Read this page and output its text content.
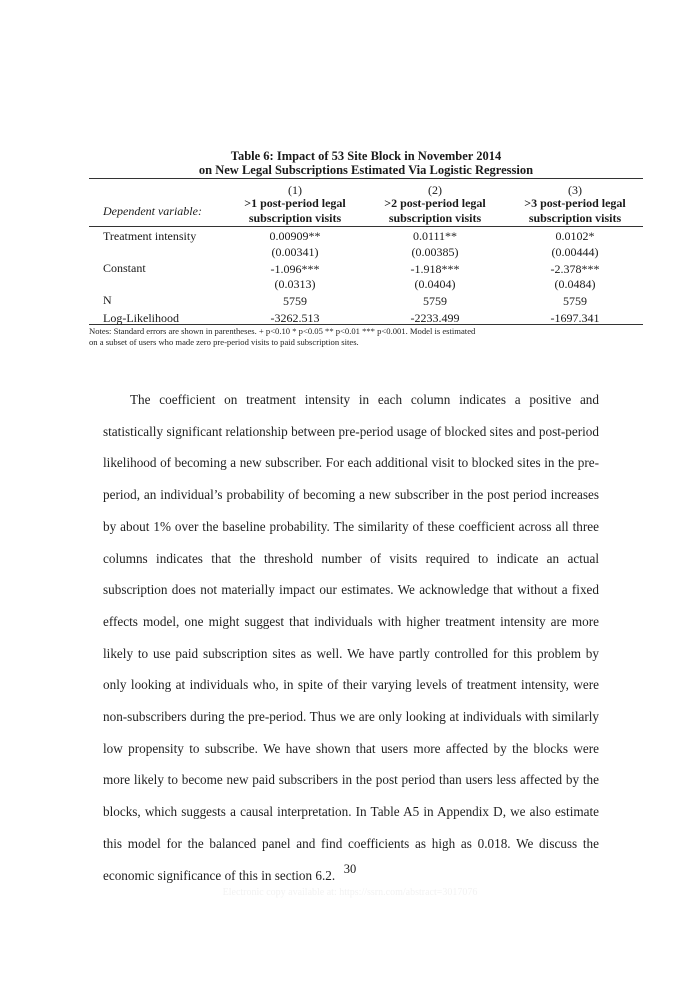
Table 6: Impact of 53 Site Block in November 2014
on New Legal Subscriptions Estimated Via Logistic Regression
(1)	(2)	(3)
Dependent variable:
>1 post-period legal	>2 post-period legal	>3 post-period legal
subscription visits	subscription visits	subscription visits
Treatment intensity	0.00909**	0.0111**	0.0102*
(0.00341)	(0.00385)	(0.00444)
Constant	-1.096***	-1.918***	-2.378***
(0.0313)	(0.0404)	(0.0484)
N	5759	5759	5759
Log-Likelihood	-3262.513	-2233.499	-1697.341
Notes: Standard errors are shown in parentheses. + p<0.10 * p<0.05 ** p<0.01 *** p<0.001. Model is estimated
on a subset of users who made zero pre-period visits to paid subscription sites.

The coefficient on treatment intensity in each column indicates a positive and statistically significant relationship between pre-period usage of blocked sites and post-period likelihood of becoming a new subscriber. For each additional visit to blocked sites in the pre-period, an individual’s probability of becoming a new subscriber in the post period increases by about 1% over the baseline probability. The similarity of these coefficient across all three columns indicates that the threshold number of visits required to indicate an actual subscription does not materially impact our estimates. We acknowledge that without a fixed effects model, one might suggest that individuals with higher treatment intensity are more likely to use paid subscription sites as well. We have partly controlled for this problem by only looking at individuals who, in spite of their varying levels of treatment intensity, were non-subscribers during the pre-period. Thus we are only looking at individuals with similarly low propensity to subscribe. We have shown that users more affected by the blocks were more likely to become new paid subscribers in the post period than users less affected by the blocks, which suggests a causal interpretation. In Table A5 in Appendix D, we also estimate this model for the balanced panel and find coefficients as high as 0.018. We discuss the economic significance of this in section 6.2. 30
Electronic copy available at: https://ssrn.com/abstract=3017076
